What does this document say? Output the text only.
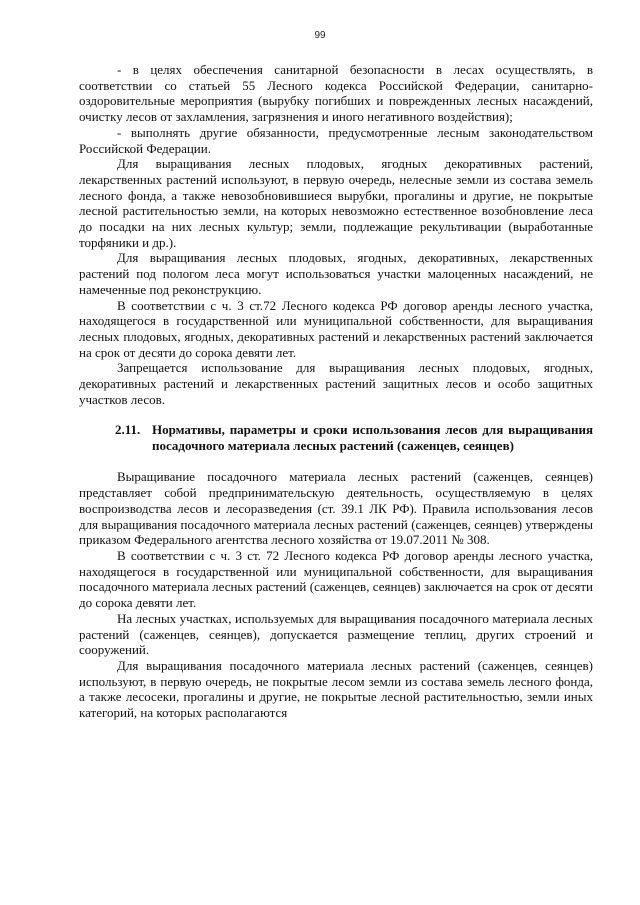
99

- в целях обеспечения санитарной безопасности в лесах осуществлять, в соответствии со статьей 55 Лесного кодекса Российской Федерации, санитарно-оздоровительные мероприятия (вырубку погибших и поврежденных лесных насаждений, очистку лесов от захламления, загрязнения и иного негативного воздействия);

- выполнять другие обязанности, предусмотренные лесным законодательством Российской Федерации.

Для выращивания лесных плодовых, ягодных декоративных растений, лекарственных растений используют, в первую очередь, нелесные земли из состава земель лесного фонда, а также невозобновившиеся вырубки, прогалины и другие, не покрытые лесной растительностью земли, на которых невозможно естественное возобновление леса до посадки на них лесных культур; земли, подлежащие рекультивации (выработанные торфяники и др.).

Для выращивания лесных плодовых, ягодных, декоративных, лекарственных растений под пологом леса могут использоваться участки малоценных насаждений, не намеченные под реконструкцию.

В соответствии с ч. 3 ст.72 Лесного кодекса РФ договор аренды лесного участка, находящегося в государственной или муниципальной собственности, для выращивания лесных плодовых, ягодных, декоративных растений и лекарственных растений заключается на срок от десяти до сорока девяти лет.

Запрещается использование для выращивания лесных плодовых, ягодных, декоративных растений и лекарственных растений защитных лесов и особо защитных участков лесов.

2.11. Нормативы, параметры и сроки использования лесов для выращивания посадочного материала лесных растений (саженцев, сеянцев)

Выращивание посадочного материала лесных растений (саженцев, сеянцев) представляет собой предпринимательскую деятельность, осуществляемую в целях воспроизводства лесов и лесоразведения (ст. 39.1 ЛК РФ). Правила использования лесов для выращивания посадочного материала лесных растений (саженцев, сеянцев) утверждены приказом Федерального агентства лесного хозяйства от 19.07.2011 № 308.

В соответствии с ч. 3 ст. 72 Лесного кодекса РФ договор аренды лесного участка, находящегося в государственной или муниципальной собственности, для выращивания посадочного материала лесных растений (саженцев, сеянцев) заключается на срок от десяти до сорока девяти лет.

На лесных участках, используемых для выращивания посадочного материала лесных растений (саженцев, сеянцев), допускается размещение теплиц, других строений и сооружений.

Для выращивания посадочного материала лесных растений (саженцев, сеянцев) используют, в первую очередь, не покрытые лесом земли из состава земель лесного фонда, а также лесосеки, прогалины и другие, не покрытые лесной растительностью, земли иных категорий, на которых располагаются
